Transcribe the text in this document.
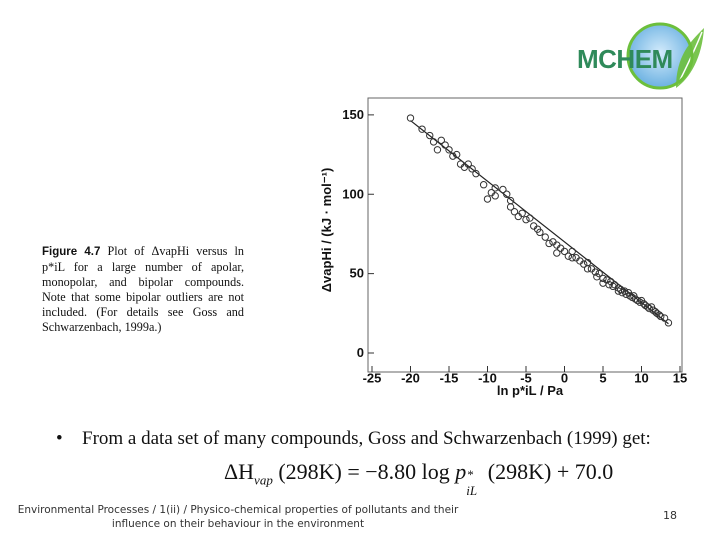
MCHEM
Figure 4.7 Plot of ΔvapHi versus ln p*iL for a large number of apolar, monopolar, and bipolar compounds. Note that some bipolar outliers are not included. (For details see Goss and Schwarzenbach, 1999a.)
-25 -20 -15 -10 -5 0 5 10 15
0
50
100
150
ΔvapHi / (kJ · mol⁻¹)
ln p*iL / Pa
• From a data set of many compounds, Goss and Schwarzenbach (1999) get:
$\Delta H_{vap}$ (298K) = −8.80 log p *
iL
(298K) + 70.0
Environmental Processes / 1(ii) / Physico-chemical properties of pollutants and their influence on their behaviour in the environment
18
